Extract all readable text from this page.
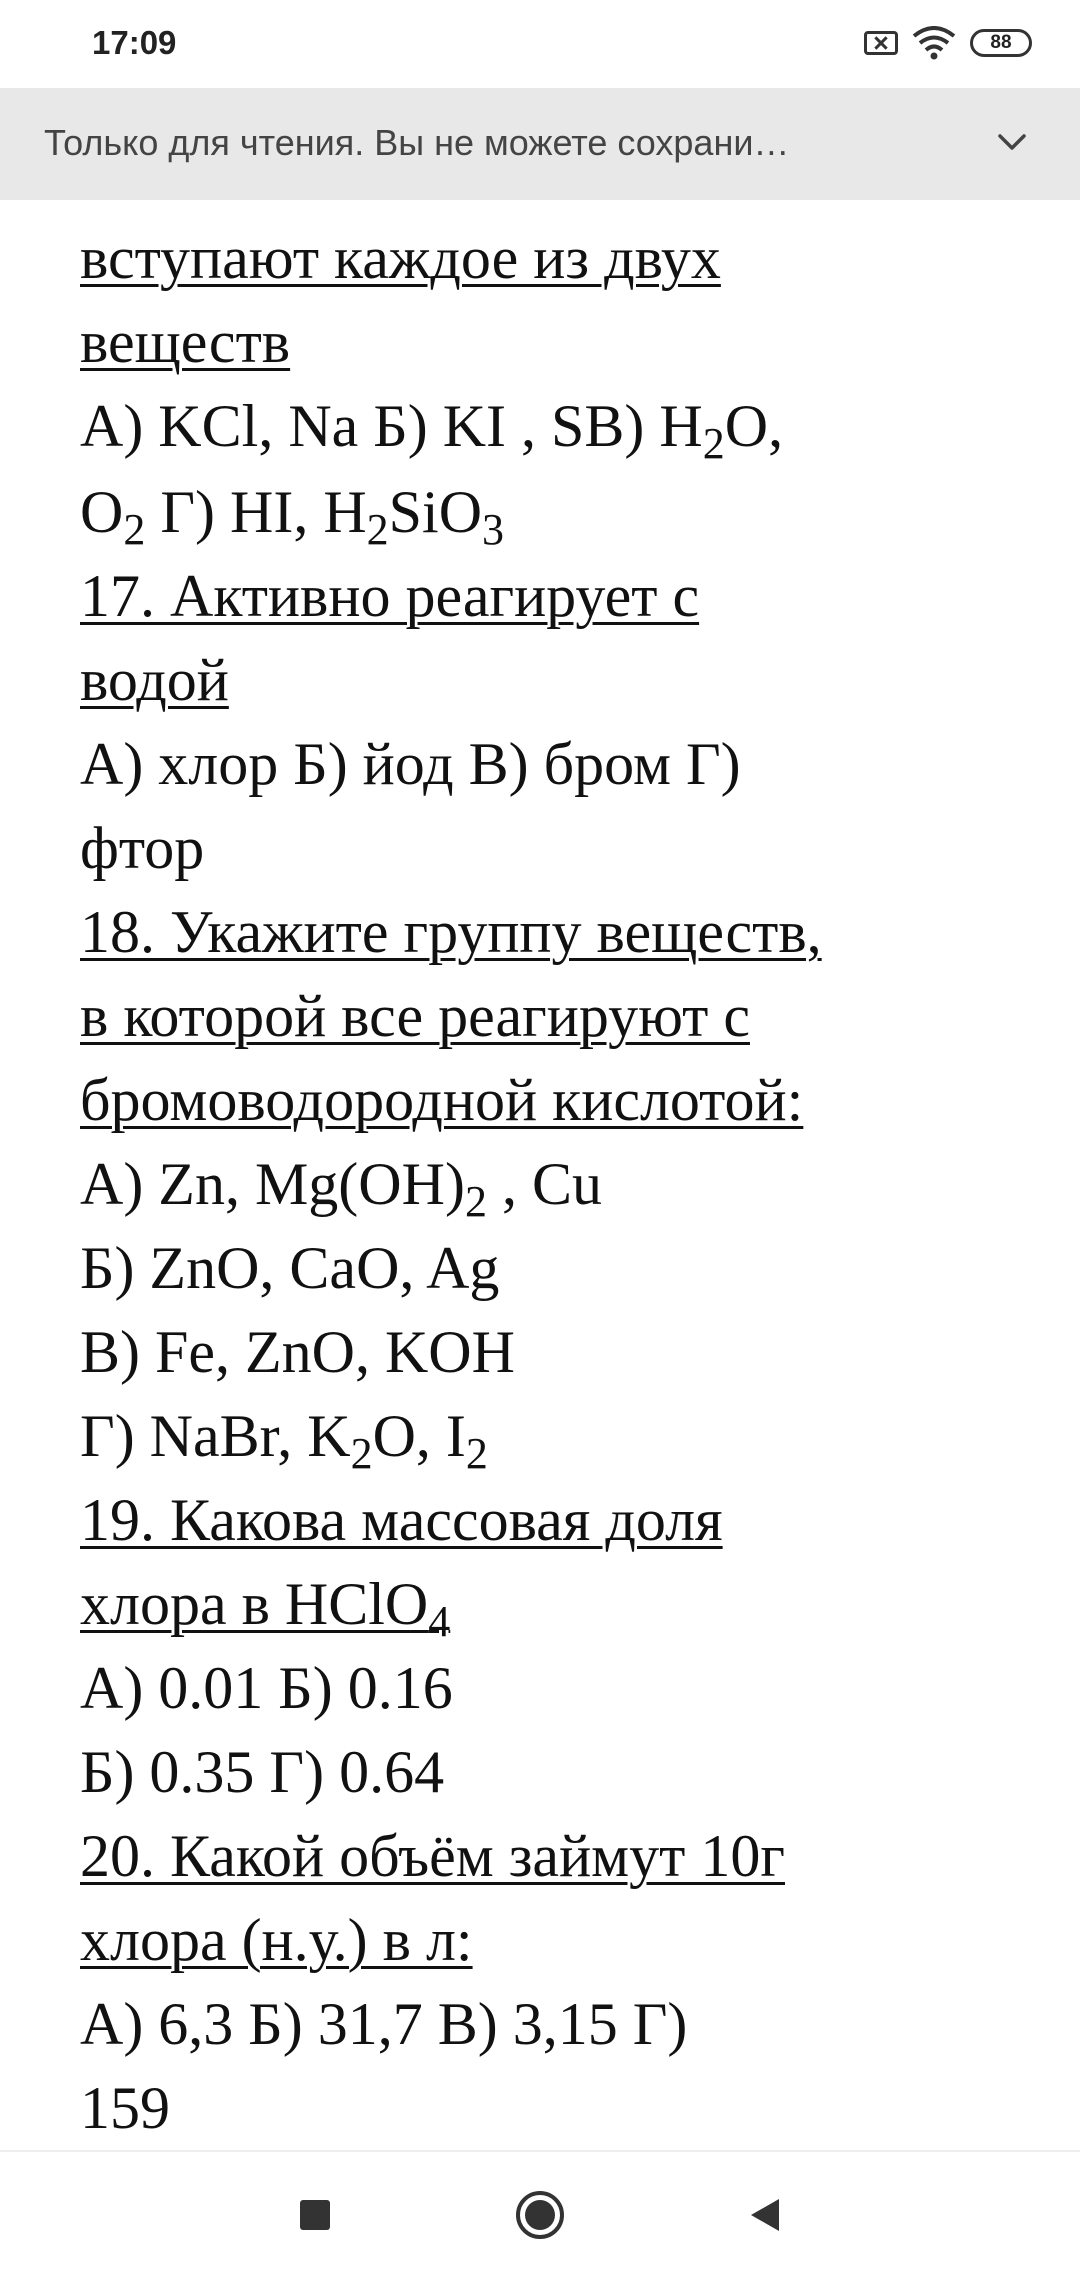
17:09	88
Только для чтения. Вы не можете сохрани…
вступают каждое из двух
веществ
А) KCl, Na Б) KI , SB) $H_2O$,
$O_2$ Г) HI, $H_2SiO_3$
17. Активно реагирует с
водой
А) хлор Б) йод В) бром Г)
фтор
18. Укажите группу веществ,
в которой все реагируют с
бромоводородной кислотой:
А) Zn, $Mg(OH)_2$ , Cu
Б) ZnO, CaO, Ag
В) Fe, ZnO, KOH
Г) NaBr, $K_2O$, $I_2$
19. Какова массовая доля
хлора в HClO$_4$
А) 0.01 Б) 0.16
Б) 0.35 Г) 0.64
20. Какой объём займут 10г
хлора (н.у.) в л:
А) 6,3 Б) 31,7 В) 3,15 Г)
159
